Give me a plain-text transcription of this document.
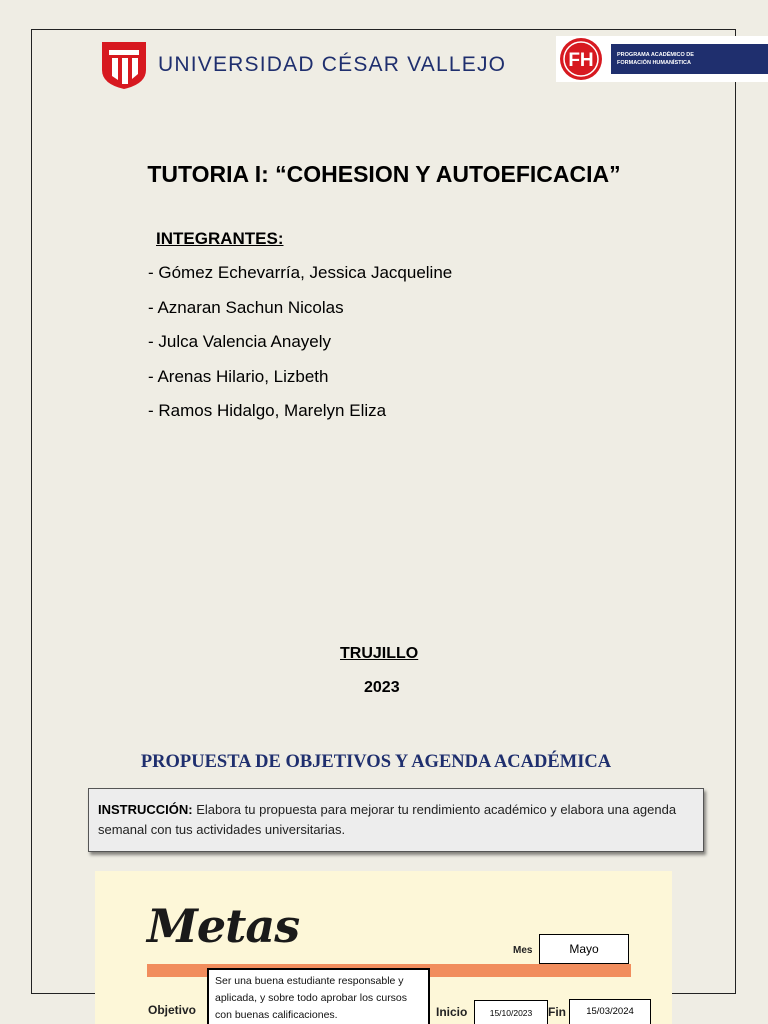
UNIVERSIDAD CÉSAR VALLEJO	FH	PROGRAMA ACADÉMICO DE
FORMACIÓN HUMANÍSTICA
TUTORIA I: “COHESION Y AUTOEFICACIA”
INTEGRANTES:
- Gómez Echevarría, Jessica Jacqueline
- Aznaran Sachun Nicolas
- Julca Valencia Anayely
- Arenas Hilario, Lizbeth
- Ramos Hidalgo, Marelyn Eliza
TRUJILLO
2023
PROPUESTA DE OBJETIVOS Y AGENDA ACADÉMICA
INSTRUCCIÓN: Elabora tu propuesta para mejorar tu rendimiento académico y elabora una agenda semanal con tus actividades universitarias.
Metas	Mes	Mayo
Objetivo
Ser una buena estudiante responsable y aplicada, y sobre todo aprobar los cursos con buenas calificaciones.	Inicio	15/10/2023	Fin	15/03/2024
